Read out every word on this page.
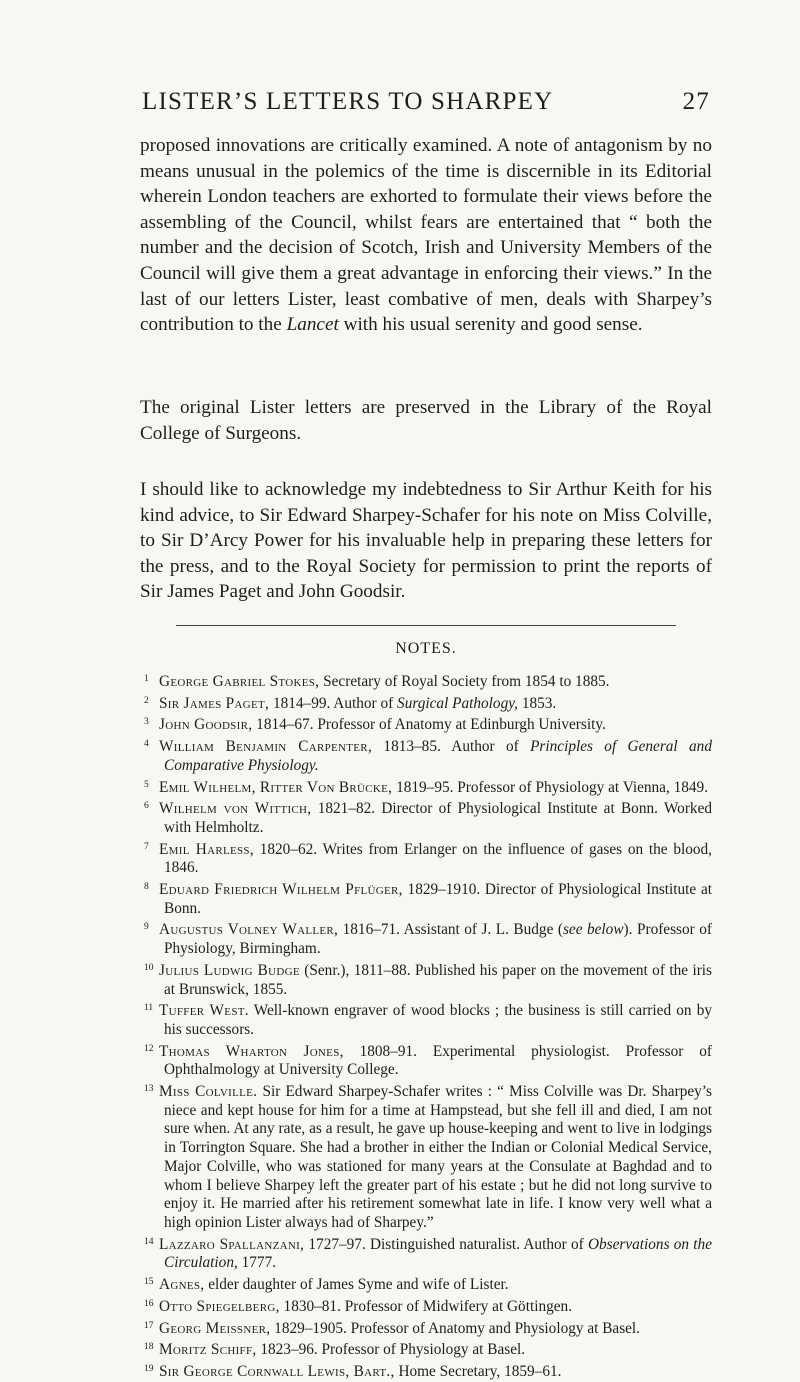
LISTER’S LETTERS TO SHARPEY	27

proposed innovations are critically examined. A note of antagonism by no means unusual in the polemics of the time is discernible in its Editorial wherein London teachers are exhorted to formulate their views before the assembling of the Council, whilst fears are entertained that “ both the number and the decision of Scotch, Irish and University Members of the Council will give them a great advantage in enforcing their views.” In the last of our letters Lister, least combative of men, deals with Sharpey’s contribution to the Lancet with his usual serenity and good sense.

The original Lister letters are preserved in the Library of the Royal College of Surgeons.

I should like to acknowledge my indebtedness to Sir Arthur Keith for his kind advice, to Sir Edward Sharpey-Schafer for his note on Miss Colville, to Sir D’Arcy Power for his invaluable help in preparing these letters for the press, and to the Royal Society for permission to print the reports of Sir James Paget and John Goodsir.

NOTES.
1 George Gabriel Stokes, Secretary of Royal Society from 1854 to 1885.
2 Sir James Paget, 1814–99. Author of Surgical Pathology, 1853.
3 John Goodsir, 1814–67. Professor of Anatomy at Edinburgh University.
4 William Benjamin Carpenter, 1813–85. Author of Principles of General and Comparative Physiology.
5 Emil Wilhelm, Ritter Von Brücke, 1819–95. Professor of Physiology at Vienna, 1849.
6 Wilhelm von Wittich, 1821–82. Director of Physiological Institute at Bonn. Worked with Helmholtz.
7 Emil Harless, 1820–62. Writes from Erlanger on the influence of gases on the blood, 1846.
8 Eduard Friedrich Wilhelm Pflüger, 1829–1910. Director of Physiological Institute at Bonn.
9 Augustus Volney Waller, 1816–71. Assistant of J. L. Budge (see below). Professor of Physiology, Birmingham.
10 Julius Ludwig Budge (Senr.), 1811–88. Published his paper on the movement of the iris at Brunswick, 1855.
11 Tuffer West. Well-known engraver of wood blocks ; the business is still carried on by his successors.
12 Thomas Wharton Jones, 1808–91. Experimental physiologist. Professor of Ophthalmology at University College.
13 Miss Colville. Sir Edward Sharpey-Schafer writes : “ Miss Colville was Dr. Sharpey’s niece and kept house for him for a time at Hampstead, but she fell ill and died, I am not sure when. At any rate, as a result, he gave up house-keeping and went to live in lodgings in Torrington Square. She had a brother in either the Indian or Colonial Medical Service, Major Colville, who was stationed for many years at the Consulate at Baghdad and to whom I believe Sharpey left the greater part of his estate ; but he did not long survive to enjoy it. He married after his retirement somewhat late in life. I know very well what a high opinion Lister always had of Sharpey.”
14 Lazzaro Spallanzani, 1727–97. Distinguished naturalist. Author of Observations on the Circulation, 1777.
15 Agnes, elder daughter of James Syme and wife of Lister.
16 Otto Spiegelberg, 1830–81. Professor of Midwifery at Göttingen.
17 Georg Meissner, 1829–1905. Professor of Anatomy and Physiology at Basel.
18 Moritz Schiff, 1823–96. Professor of Physiology at Basel.
19 Sir George Cornwall Lewis, Bart., Home Secretary, 1859–61.
